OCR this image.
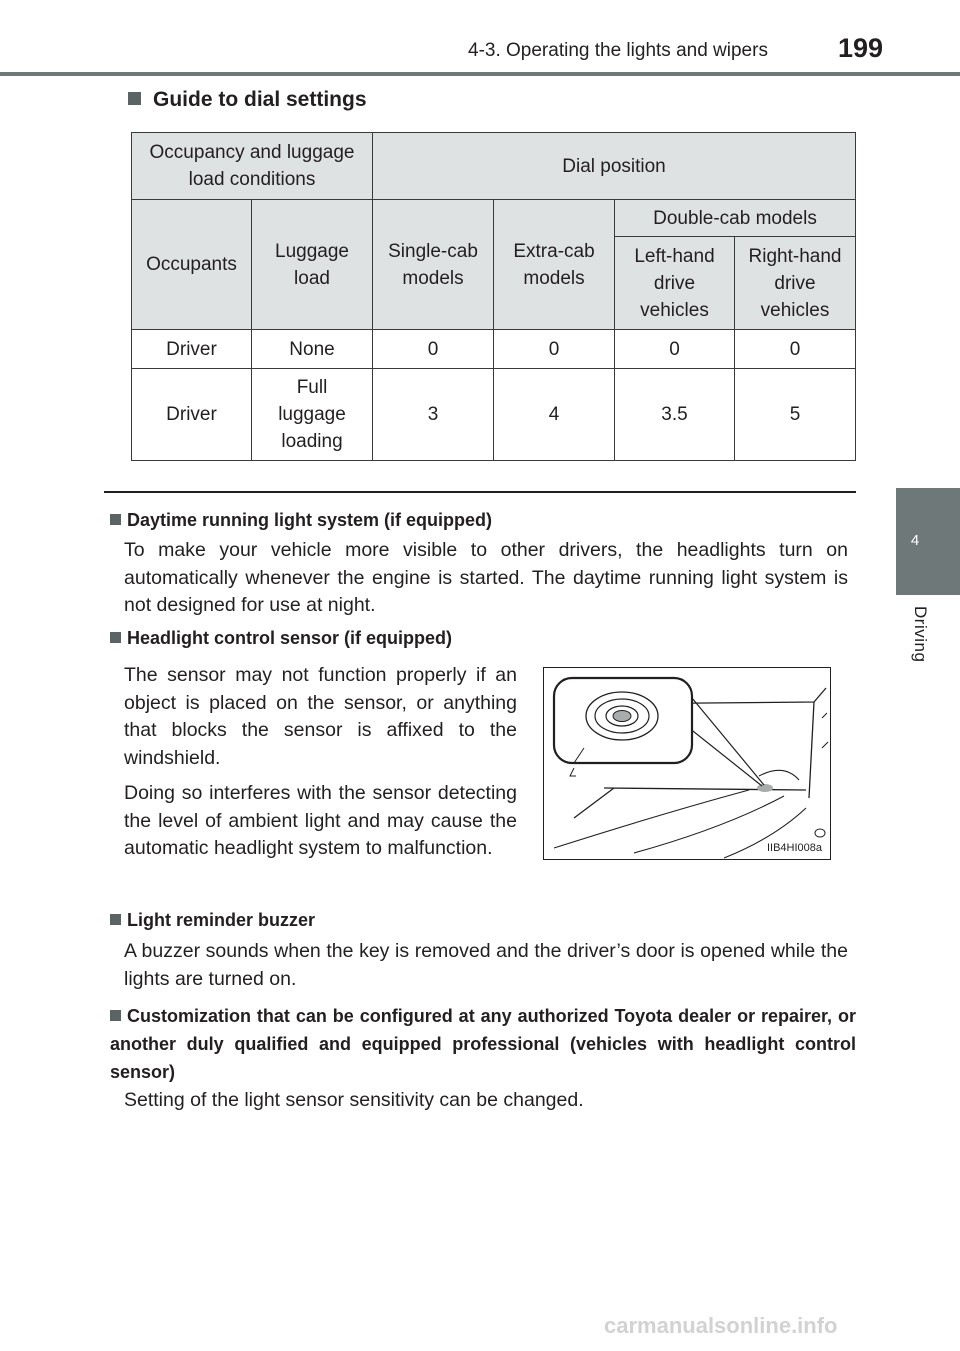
4-3. Operating the lights and wipers	199
4
Driving
Guide to dial settings
Occupancy and luggage load conditions		Dial position			
Occupants	Luggage load	Single-cab models	Extra-cab models	Double-cab models	
				Left-hand drive vehicles	Right-hand drive vehicles
Driver	None	0	0	0	0
Driver	Full luggage loading	3	4	3.5	5
Daytime running light system (if equipped)
To make your vehicle more visible to other drivers, the headlights turn on automatically whenever the engine is started. The daytime running light system is not designed for use at night.
Headlight control sensor (if equipped)
The sensor may not function properly if an object is placed on the sensor, or anything that blocks the sensor is affixed to the windshield.
Doing so interferes with the sensor detecting the level of ambient light and may cause the automatic headlight system to malfunction.	IIB4HI008a
Light reminder buzzer
A buzzer sounds when the key is removed and the driver’s door is opened while the lights are turned on.
Customization that can be configured at any authorized Toyota dealer or repairer, or another duly qualified and equipped professional (vehicles with headlight control sensor)
Setting of the light sensor sensitivity can be changed.
carmanualsonline.info
